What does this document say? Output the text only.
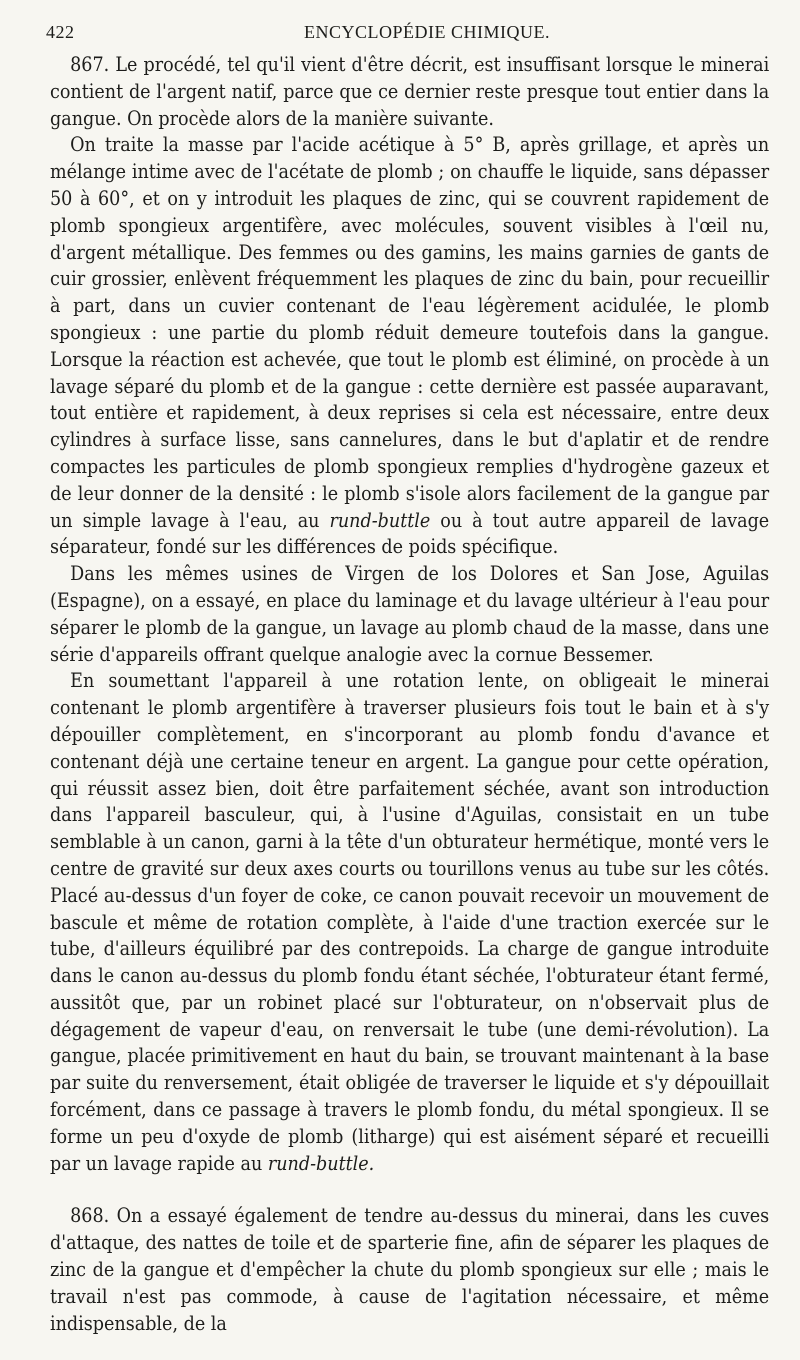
422	ENCYCLOPÉDIE CHIMIQUE.

867. Le procédé, tel qu'il vient d'être décrit, est insuffisant lorsque le minerai contient de l'argent natif, parce que ce dernier reste presque tout entier dans la gangue. On procède alors de la manière suivante.

On traite la masse par l'acide acétique à 5° B, après grillage, et après un mélange intime avec de l'acétate de plomb ; on chauffe le liquide, sans dépasser 50 à 60°, et on y introduit les plaques de zinc, qui se couvrent rapidement de plomb spongieux argentifère, avec molécules, souvent visibles à l'œil nu, d'argent métallique. Des femmes ou des gamins, les mains garnies de gants de cuir grossier, enlèvent fréquemment les plaques de zinc du bain, pour recueillir à part, dans un cuvier contenant de l'eau légèrement acidulée, le plomb spongieux : une partie du plomb réduit demeure toutefois dans la gangue. Lorsque la réaction est achevée, que tout le plomb est éliminé, on procède à un lavage séparé du plomb et de la gangue : cette dernière est passée auparavant, tout entière et rapidement, à deux reprises si cela est nécessaire, entre deux cylindres à surface lisse, sans cannelures, dans le but d'aplatir et de rendre compactes les particules de plomb spongieux remplies d'hydrogène gazeux et de leur donner de la densité : le plomb s'isole alors facilement de la gangue par un simple lavage à l'eau, au rund-buttle ou à tout autre appareil de lavage séparateur, fondé sur les différences de poids spécifique.

Dans les mêmes usines de Virgen de los Dolores et San Jose, Aguilas (Espagne), on a essayé, en place du laminage et du lavage ultérieur à l'eau pour séparer le plomb de la gangue, un lavage au plomb chaud de la masse, dans une série d'appareils offrant quelque analogie avec la cornue Bessemer.

En soumettant l'appareil à une rotation lente, on obligeait le minerai contenant le plomb argentifère à traverser plusieurs fois tout le bain et à s'y dépouiller complètement, en s'incorporant au plomb fondu d'avance et contenant déjà une certaine teneur en argent. La gangue pour cette opération, qui réussit assez bien, doit être parfaitement séchée, avant son introduction dans l'appareil basculeur, qui, à l'usine d'Aguilas, consistait en un tube semblable à un canon, garni à la tête d'un obturateur hermétique, monté vers le centre de gravité sur deux axes courts ou tourillons venus au tube sur les côtés. Placé au-dessus d'un foyer de coke, ce canon pouvait recevoir un mouvement de bascule et même de rotation complète, à l'aide d'une traction exercée sur le tube, d'ailleurs équilibré par des contrepoids. La charge de gangue introduite dans le canon au-dessus du plomb fondu étant séchée, l'obturateur étant fermé, aussitôt que, par un robinet placé sur l'obturateur, on n'observait plus de dégagement de vapeur d'eau, on renversait le tube (une demi-révolution). La gangue, placée primitivement en haut du bain, se trouvant maintenant à la base par suite du renversement, était obligée de traverser le liquide et s'y dépouillait forcément, dans ce passage à travers le plomb fondu, du métal spongieux. Il se forme un peu d'oxyde de plomb (litharge) qui est aisément séparé et recueilli par un lavage rapide au rund-buttle.

868. On a essayé également de tendre au-dessus du minerai, dans les cuves d'attaque, des nattes de toile et de sparterie fine, afin de séparer les plaques de zinc de la gangue et d'empêcher la chute du plomb spongieux sur elle ; mais le travail n'est pas commode, à cause de l'agitation nécessaire, et même indispensable, de la
